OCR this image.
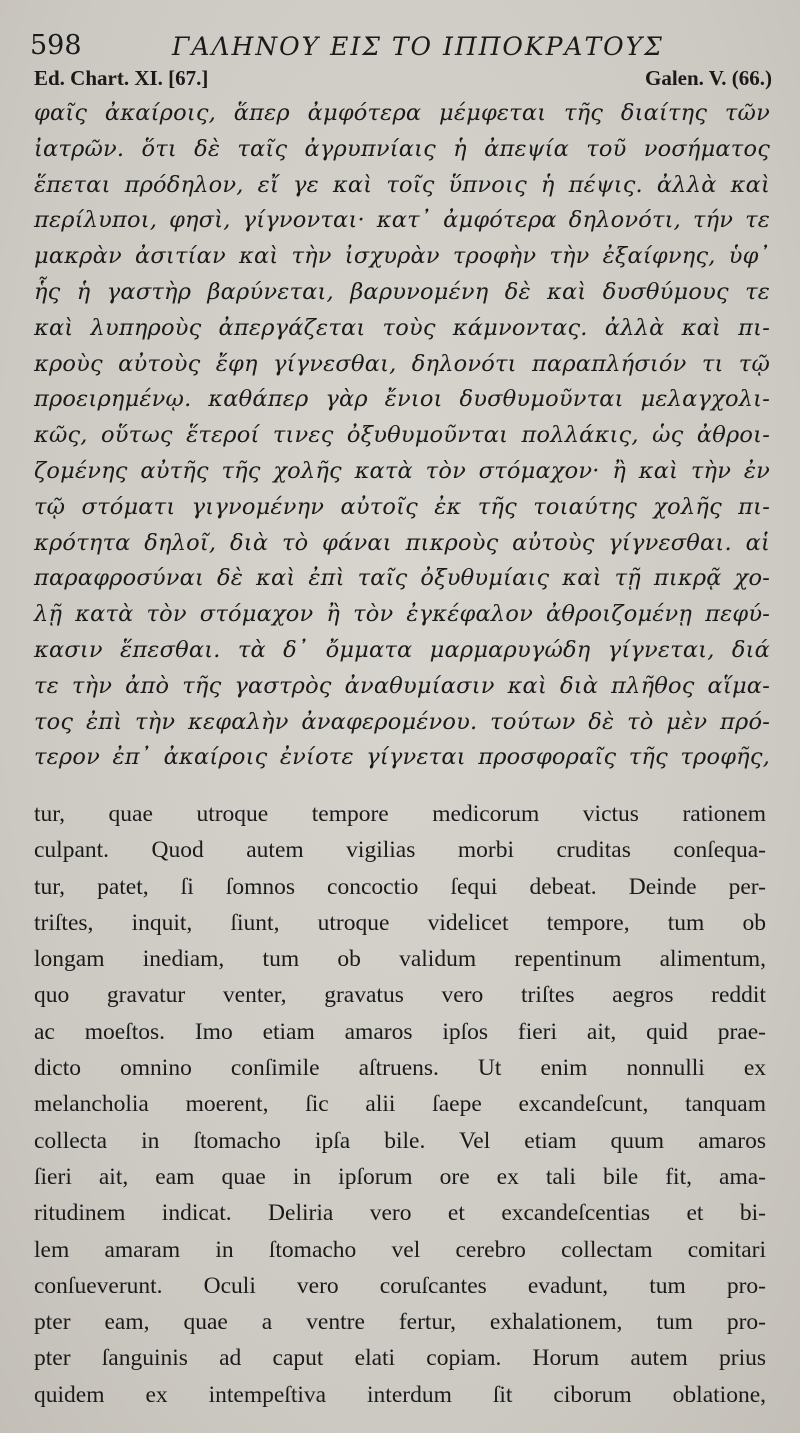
598	ΓΑΛΗΝΟΥ ΕΙΣ ΤΟ ΙΠΠΟΚΡΑΤΟΥΣ
Ed. Chart. XI. [67.]	Galen. V. (66.)
φαῖς ἀκαίροις, ἅπερ ἀμφότερα μέμφεται τῆς διαίτης τῶν
ἰατρῶν. ὅτι δὲ ταῖς ἀγρυπνίαις ἡ ἀπεψία τοῦ νοσήματος
ἕπεται πρόδηλον, εἴ γε καὶ τοῖς ὕπνοις ἡ πέψις. ἀλλὰ καὶ
περίλυποι, φησὶ, γίγνονται· κατ᾽ ἀμφότερα δηλονότι, τήν τε
μακρὰν ἀσιτίαν καὶ τὴν ἰσχυρὰν τροφὴν τὴν ἐξαίφνης, ὑφ᾽
ἧς ἡ γαστὴρ βαρύνεται, βαρυνομένη δὲ καὶ δυσθύμους τε
καὶ λυπηροὺς ἀπεργάζεται τοὺς κάμνοντας. ἀλλὰ καὶ πι-
κροὺς αὐτοὺς ἔφη γίγνεσθαι, δηλονότι παραπλήσιόν τι τῷ
προειρημένῳ. καθάπερ γὰρ ἔνιοι δυσθυμοῦνται μελαγχολι-
κῶς, οὕτως ἕτεροί τινες ὀξυθυμοῦνται πολλάκις, ὡς ἀθροι-
ζομένης αὐτῆς τῆς χολῆς κατὰ τὸν στόμαχον· ἢ καὶ τὴν ἐν
τῷ στόματι γιγνομένην αὐτοῖς ἐκ τῆς τοιαύτης χολῆς πι-
κρότητα δηλοῖ, διὰ τὸ φάναι πικροὺς αὐτοὺς γίγνεσθαι. αἱ
παραφροσύναι δὲ καὶ ἐπὶ ταῖς ὀξυθυμίαις καὶ τῇ πικρᾷ χο-
λῇ κατὰ τὸν στόμαχον ἢ τὸν ἐγκέφαλον ἀθροιζομένῃ πεφύ-
κασιν ἕπεσθαι. τὰ δ᾽ ὄμματα μαρμαρυγώδη γίγνεται, διά
τε τὴν ἀπὸ τῆς γαστρὸς ἀναθυμίασιν καὶ διὰ πλῆθος αἵμα-
τος ἐπὶ τὴν κεφαλὴν ἀναφερομένου. τούτων δὲ τὸ μὲν πρό-
τερον ἐπ᾽ ἀκαίροις ἐνίοτε γίγνεται προσφοραῖς τῆς τροφῆς,
tur, quae utroque tempore medicorum victus rationem
culpant. Quod autem vigilias morbi cruditas conſequa-
tur, patet, ſi ſomnos concoctio ſequi debeat. Deinde per-
triſtes, inquit, ſiunt, utroque videlicet tempore, tum ob
longam inediam, tum ob validum repentinum alimentum,
quo gravatur venter, gravatus vero triſtes aegros reddit
ac moeſtos. Imo etiam amaros ipſos fieri ait, quid prae-
dicto omnino conſimile aſtruens. Ut enim nonnulli ex
melancholia moerent, ſic alii ſaepe excandeſcunt, tanquam
collecta in ſtomacho ipſa bile. Vel etiam quum amaros
ſieri ait, eam quae in ipſorum ore ex tali bile fit, ama-
ritudinem indicat. Deliria vero et excandeſcentias et bi-
lem amaram in ſtomacho vel cerebro collectam comitari
conſueverunt. Oculi vero coruſcantes evadunt, tum pro-
pter eam, quae a ventre fertur, exhalationem, tum pro-
pter ſanguinis ad caput elati copiam. Horum autem prius
quidem ex intempeſtiva interdum ſit ciborum oblatione,
